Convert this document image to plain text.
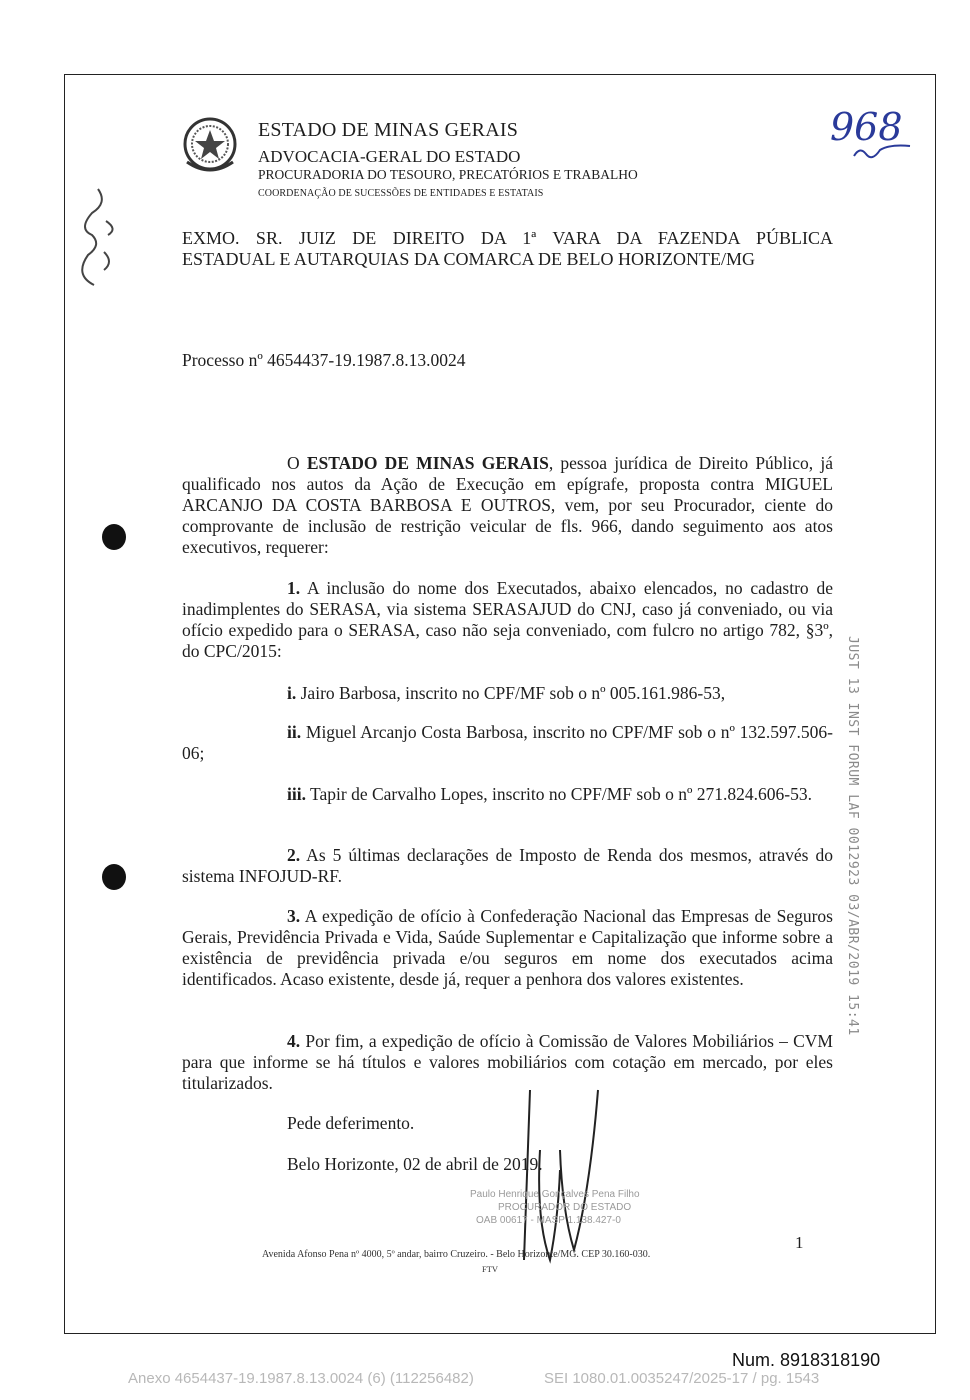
ESTADO DE MINAS GERAIS
ADVOCACIA-GERAL DO ESTADO
PROCURADORIA DO TESOURO, PRECATÓRIOS E TRABALHO
COORDENAÇÃO DE SUCESSÕES DE ENTIDADES E ESTATAIS
968
EXMO. SR. JUIZ DE DIREITO DA 1ª VARA DA FAZENDA PÚBLICA
ESTADUAL E AUTARQUIAS DA COMARCA DE BELO HORIZONTE/MG
Processo nº 4654437-19.1987.8.13.0024
O ESTADO DE MINAS GERAIS, pessoa jurídica de Direito Público, já qualificado nos autos da Ação de Execução em epígrafe, proposta contra MIGUEL ARCANJO DA COSTA BARBOSA E OUTROS, vem, por seu Procurador, ciente do comprovante de inclusão de restrição veicular de fls. 966, dando seguimento aos atos executivos, requerer:
1. A inclusão do nome dos Executados, abaixo elencados, no cadastro de inadimplentes do SERASA, via sistema SERASAJUD do CNJ, caso já conveniado, ou via ofício expedido para o SERASA, caso não seja conveniado, com fulcro no artigo 782, §3º, do CPC/2015:
i. Jairo Barbosa, inscrito no CPF/MF sob o nº 005.161.986-53,
ii. Miguel Arcanjo Costa Barbosa, inscrito no CPF/MF sob o nº 132.597.506-06;
iii. Tapir de Carvalho Lopes, inscrito no CPF/MF sob o nº 271.824.606-53.
2. As 5 últimas declarações de Imposto de Renda dos mesmos, através do sistema INFOJUD-RF.
3. A expedição de ofício à Confederação Nacional das Empresas de Seguros Gerais, Previdência Privada e Vida, Saúde Suplementar e Capitalização que informe sobre a existência de previdência privada e/ou seguros em nome dos executados acima identificados. Acaso existente, desde já, requer a penhora dos valores existentes.
4. Por fim, a expedição de ofício à Comissão de Valores Mobiliários – CVM para que informe se há títulos e valores mobiliários com cotação em mercado, por eles titularizados.
Pede deferimento.
Belo Horizonte, 02 de abril de 2019.
Paulo Henrique Gonçalves Pena Filho
PROCURADOR DO ESTADO
OAB 00617 - MASP 1.138.427-0
1
Avenida Afonso Pena nº 4000, 5º andar, bairro Cruzeiro. - Belo Horizonte/MG. CEP 30.160-030.
FTV
JUST 13 INST FORUM LAF 0012923 03/ABR/2019 15:41
Num. 8918318190
Anexo 4654437-19.1987.8.13.0024 (6) (112256482)	SEI 1080.01.0035247/2025-17 / pg. 1543
